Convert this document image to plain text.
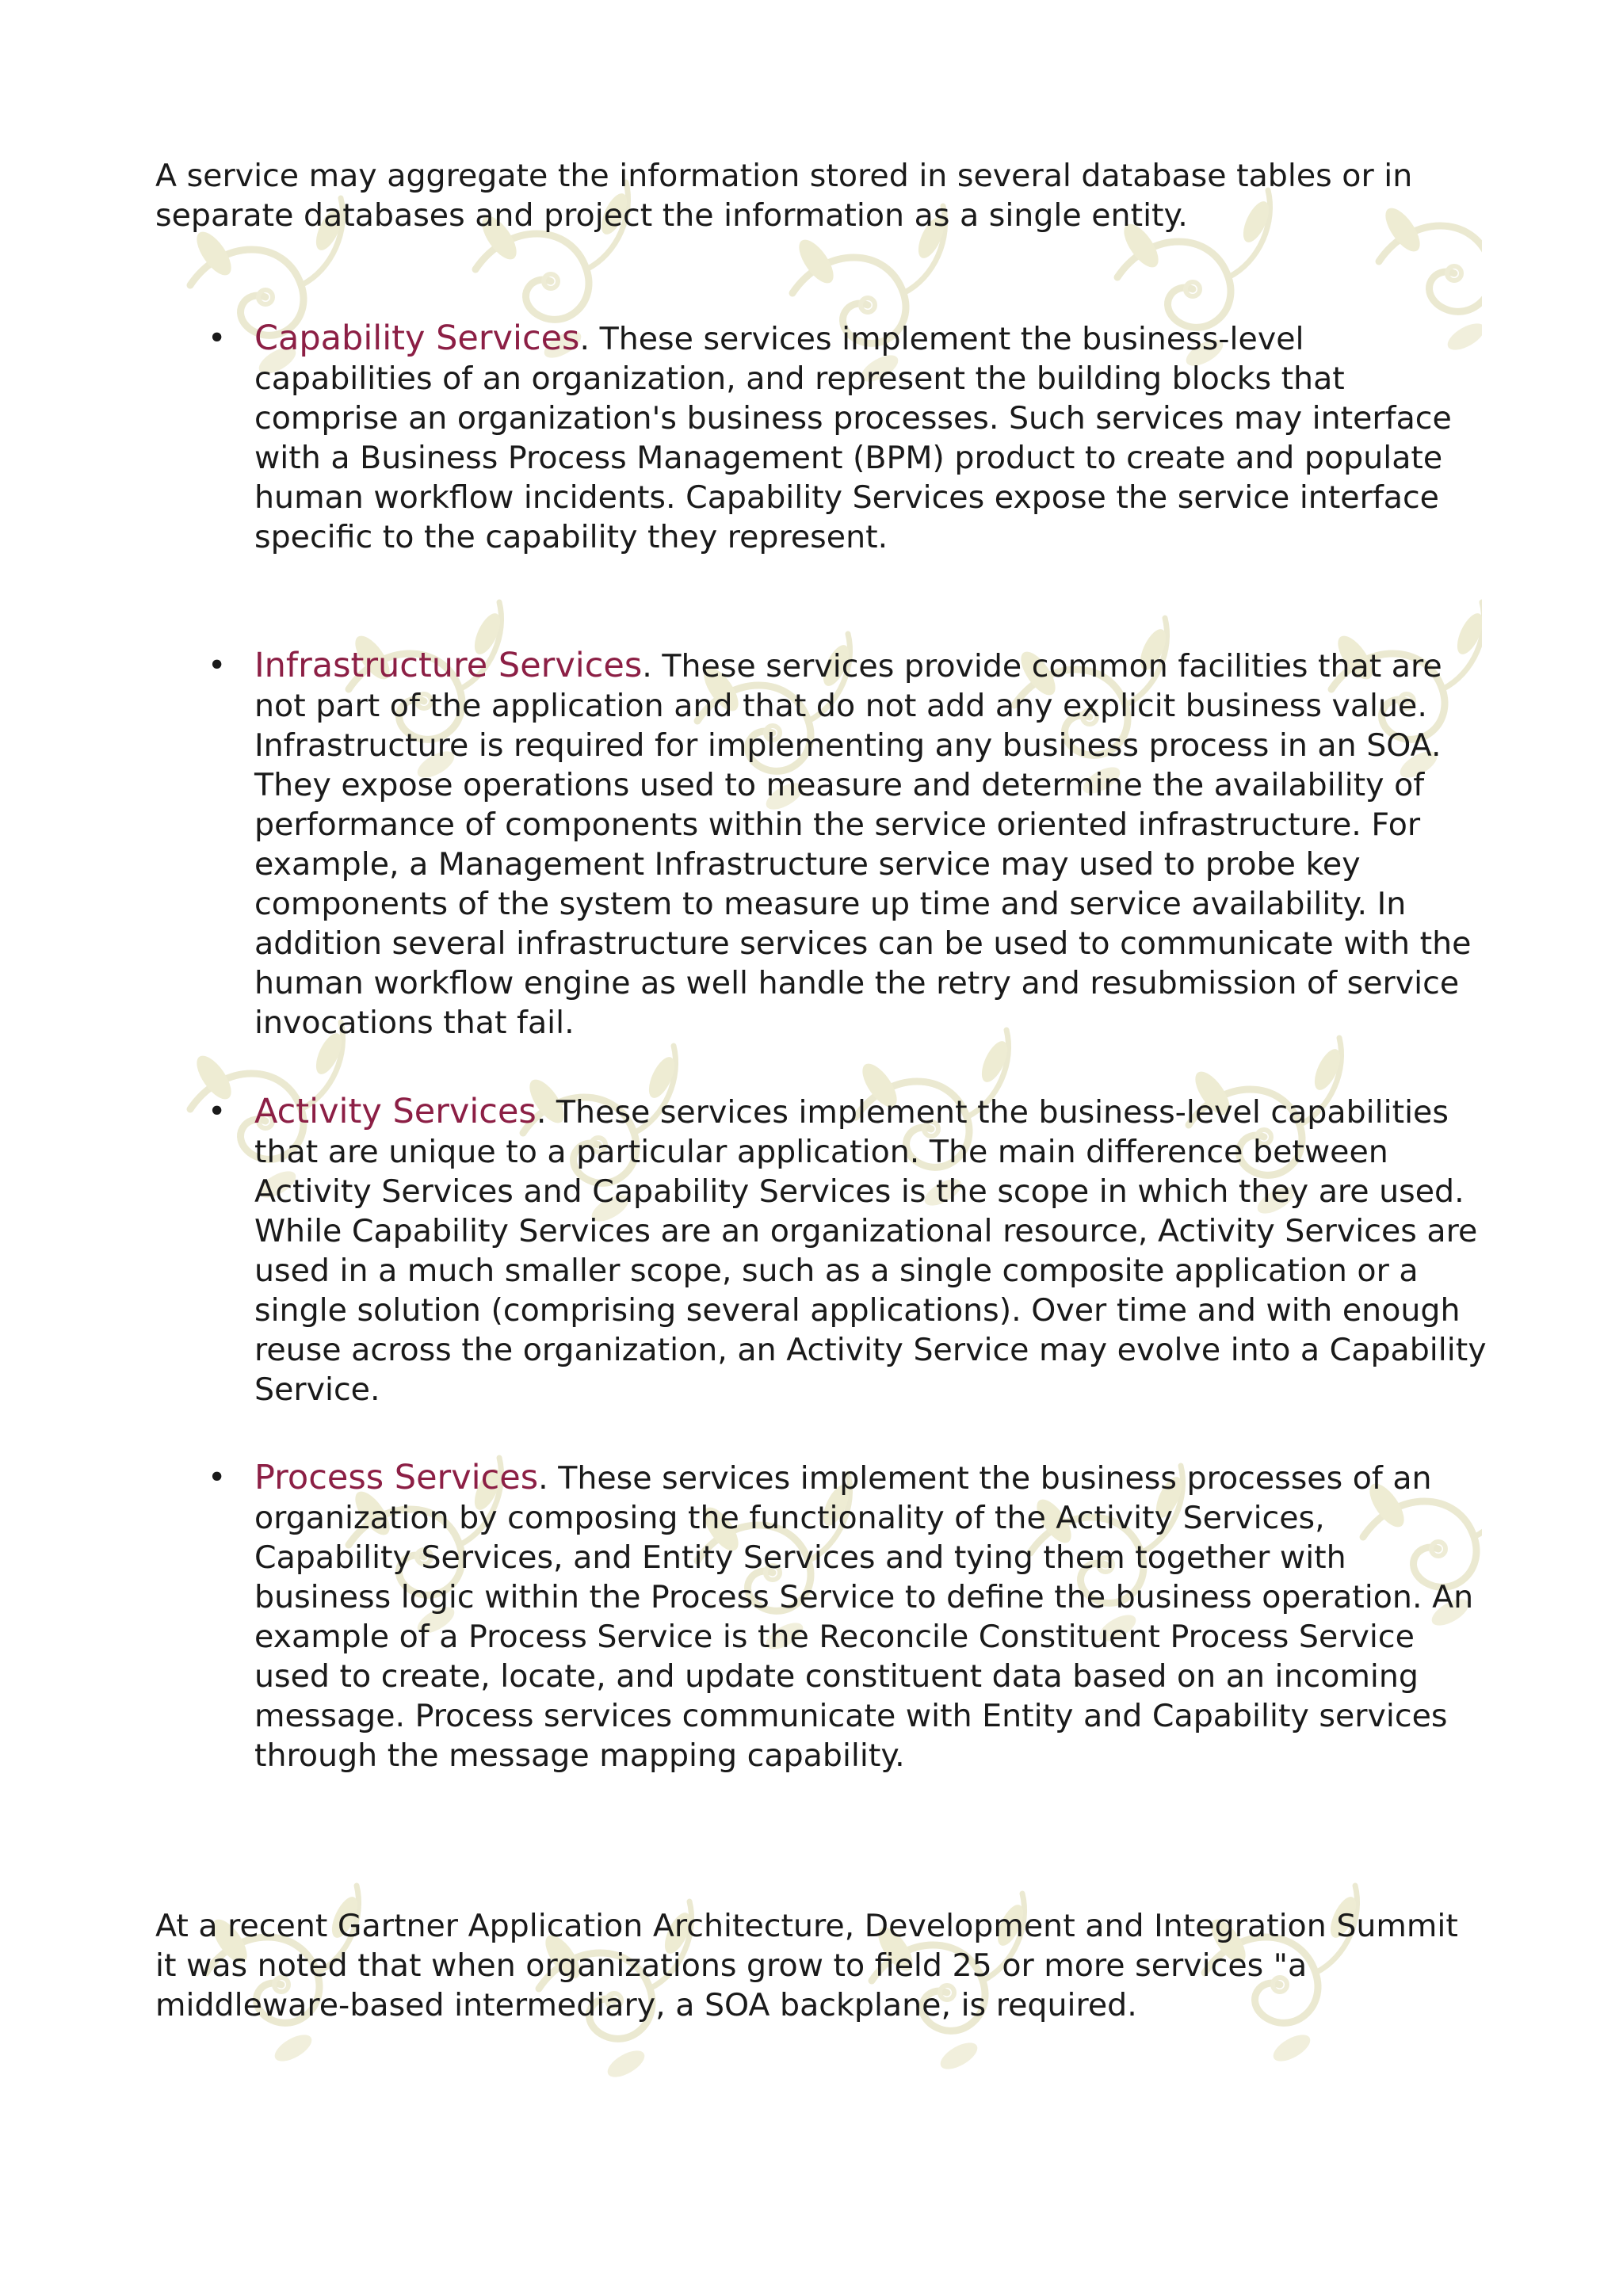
A service may aggregate the information stored in several database tables or in separate databases and project the information as a single entity.

• Capability Services. These services implement the business-level capabilities of an organization, and represent the building blocks that comprise an organization's business processes. Such services may interface with a Business Process Management (BPM) product to create and populate human workflow incidents. Capability Services expose the service interface specific to the capability they represent.

• Infrastructure Services. These services provide common facilities that are not part of the application and that do not add any explicit business value. Infrastructure is required for implementing any business process in an SOA. They expose operations used to measure and determine the availability of performance of components within the service oriented infrastructure. For example, a Management Infrastructure service may used to probe key components of the system to measure up time and service availability. In addition several infrastructure services can be used to communicate with the human workflow engine as well handle the retry and resubmission of service invocations that fail.

• Activity Services. These services implement the business-level capabilities that are unique to a particular application. The main difference between Activity Services and Capability Services is the scope in which they are used. While Capability Services are an organizational resource, Activity Services are used in a much smaller scope, such as a single composite application or a single solution (comprising several applications). Over time and with enough reuse across the organization, an Activity Service may evolve into a Capability Service.

• Process Services. These services implement the business processes of an organization by composing the functionality of the Activity Services, Capability Services, and Entity Services and tying them together with business logic within the Process Service to define the business operation. An example of a Process Service is the Reconcile Constituent Process Service used to create, locate, and update constituent data based on an incoming message. Process services communicate with Entity and Capability services through the message mapping capability.

At a recent Gartner Application Architecture, Development and Integration Summit it was noted that when organizations grow to field 25 or more services "a middleware-based intermediary, a SOA backplane, is required.
